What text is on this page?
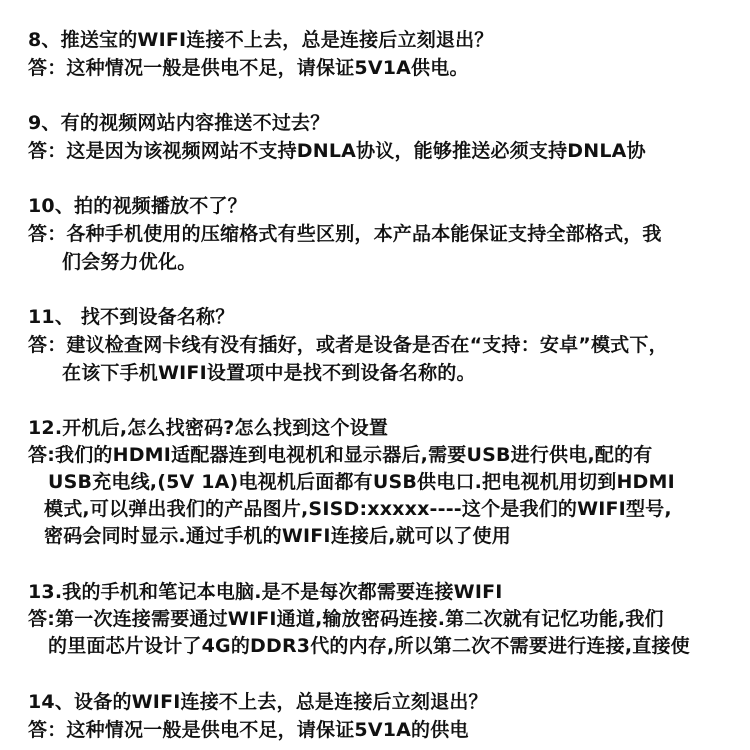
8、推送宝的WIFI连接不上去，总是连接后立刻退出？
答：这种情况一般是供电不足，请保证5V1A供电。
9、有的视频网站内容推送不过去？
答：这是因为该视频网站不支持DNLA协议，能够推送必须支持DNLA协
10、拍的视频播放不了？
答：各种手机使用的压缩格式有些区别，本产品本能保证支持全部格式，我
们会努力优化。
11、 找不到设备名称？
答：建议检查网卡线有没有插好，或者是设备是否在“支持：安卓”模式下，
在该下手机WIFI设置项中是找不到设备名称的。
12.开机后,怎么找密码?怎么找到这个设置
答:我们的HDMI适配器连到电视机和显示器后,需要USB进行供电,配的有
USB充电线,(5V 1A)电视机后面都有USB供电口.把电视机用切到HDMI
模式,可以弹出我们的产品图片,SISD:xxxxx----这个是我们的WIFI型号,
密码会同时显示.通过手机的WIFI连接后,就可以了使用
13.我的手机和笔记本电脑.是不是每次都需要连接WIFI
答:第一次连接需要通过WIFI通道,输放密码连接.第二次就有记忆功能,我们
的里面芯片设计了4G的DDR3代的内存,所以第二次不需要进行连接,直接使
14、设备的WIFI连接不上去，总是连接后立刻退出？
答：这种情况一般是供电不足，请保证5V1A的供电
